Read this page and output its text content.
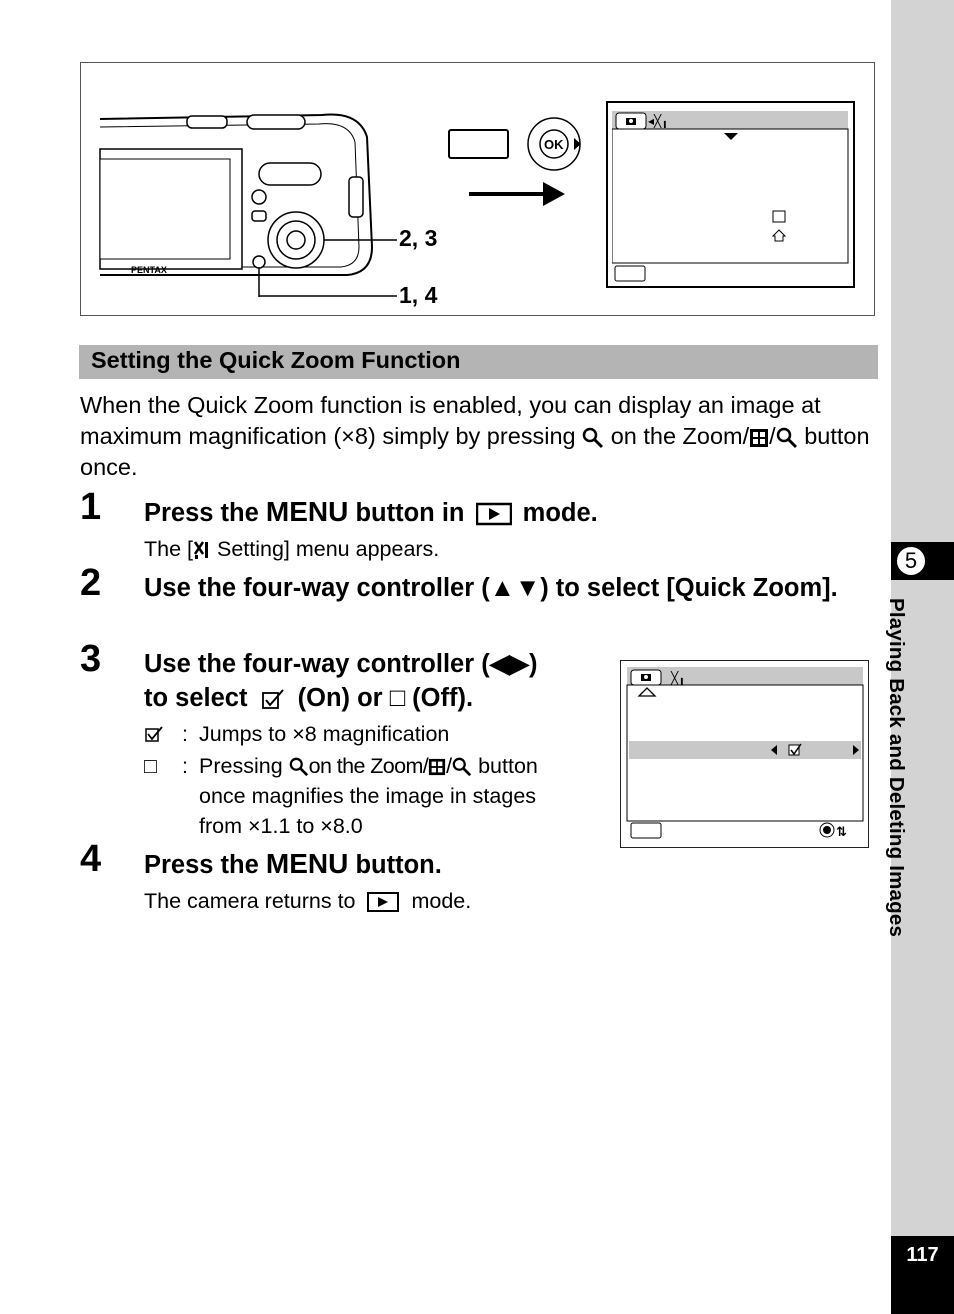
5
Playing Back and Deleting Images
117
PENTAX
2, 3
1, 4
OK
◂╳╻
Setting the Quick Zoom Function
When the Quick Zoom function is enabled, you can display an image at maximum magnification (×8) simply by pressing on the Zoom/ / button once.
1 Press the MENU button in  mode.
The [ Setting] menu appears.
2 Use the four-way controller (▲▼) to select [Quick Zoom].
3 Use the four-way controller (◀▶)
to select  (On) or □ (Off).
: Jumps to ×8 magnification
□ : Pressing on the Zoom/ / button
once magnifies the image in stages
from ×1.1 to ×8.0
╳╻
⇅
4 Press the MENU button.
The camera returns to  mode.
